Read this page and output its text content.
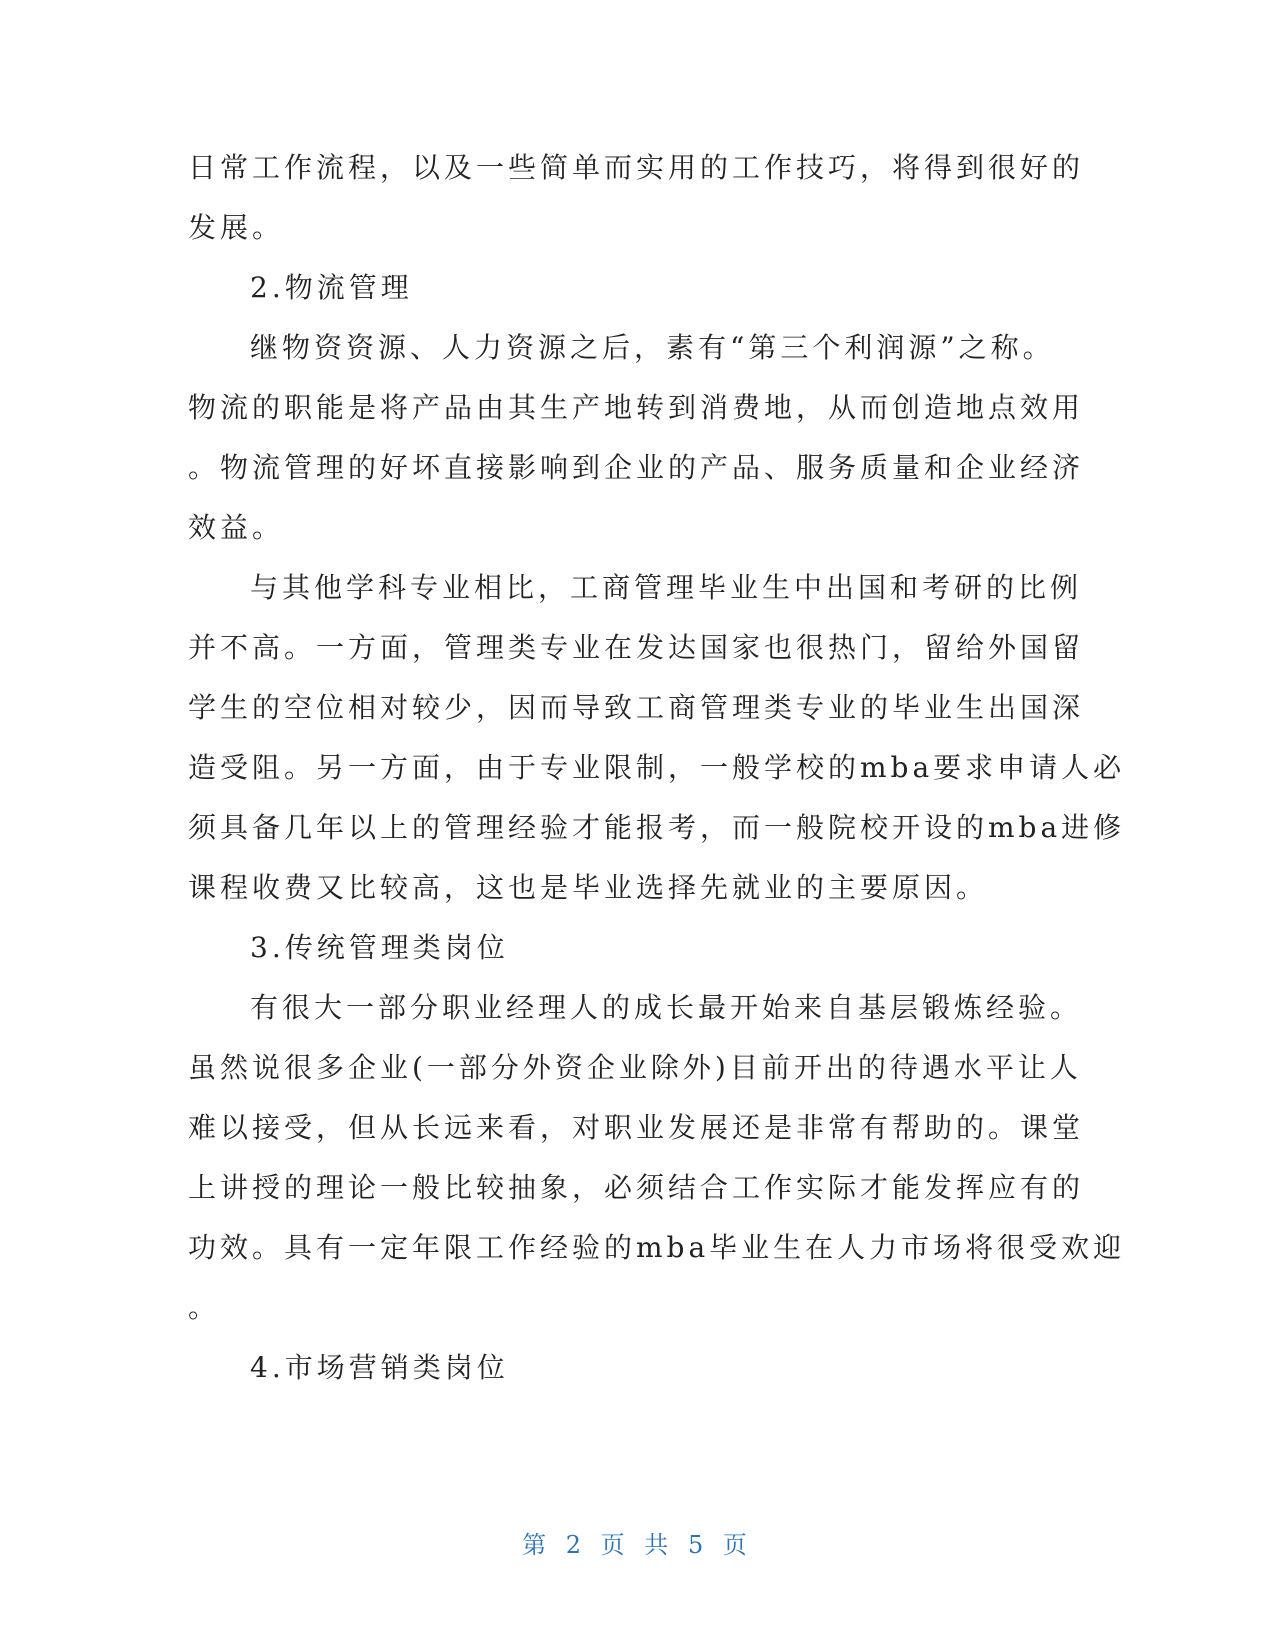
日常工作流程，以及一些简单而实用的工作技巧，将得到很好的
发展。
2.物流管理
继物资资源、人力资源之后，素有“第三个利润源”之称。
物流的职能是将产品由其生产地转到消费地，从而创造地点效用
。物流管理的好坏直接影响到企业的产品、服务质量和企业经济
效益。
与其他学科专业相比，工商管理毕业生中出国和考研的比例
并不高。一方面，管理类专业在发达国家也很热门，留给外国留
学生的空位相对较少，因而导致工商管理类专业的毕业生出国深
造受阻。另一方面，由于专业限制，一般学校的mba要求申请人必
须具备几年以上的管理经验才能报考，而一般院校开设的mba进修
课程收费又比较高，这也是毕业选择先就业的主要原因。
3.传统管理类岗位
有很大一部分职业经理人的成长最开始来自基层锻炼经验。
虽然说很多企业(一部分外资企业除外)目前开出的待遇水平让人
难以接受，但从长远来看，对职业发展还是非常有帮助的。课堂
上讲授的理论一般比较抽象，必须结合工作实际才能发挥应有的
功效。具有一定年限工作经验的mba毕业生在人力市场将很受欢迎
。
4.市场营销类岗位
第 2 页 共 5 页
